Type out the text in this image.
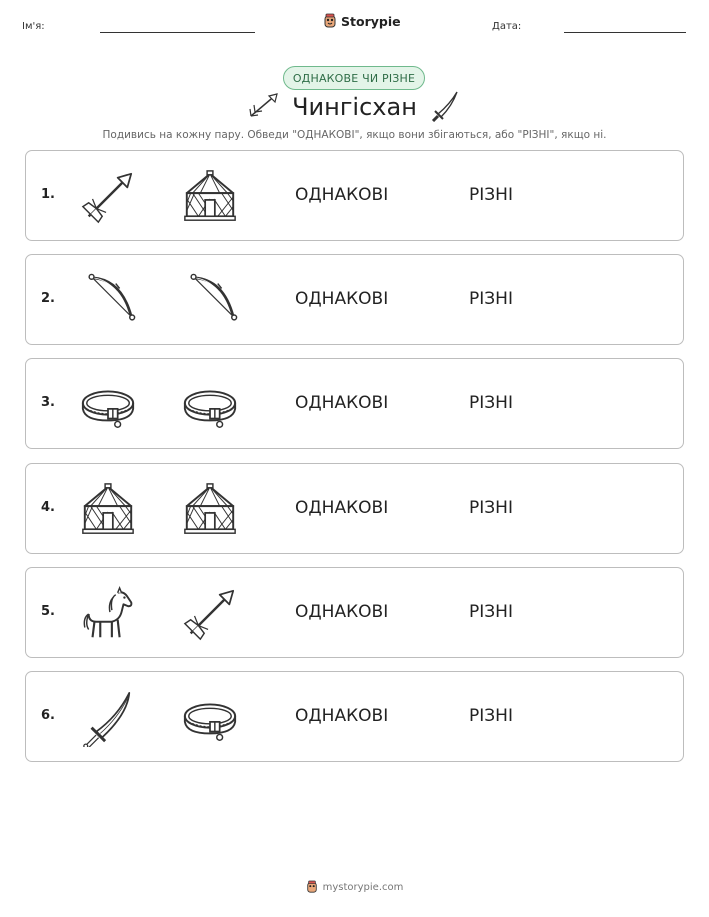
Ім'я:	Storypie	Дата:
ОДНАКОВЕ ЧИ РІЗНЕ
Чингісхан
Подивись на кожну пару. Обведи "ОДНАКОВІ", якщо вони збігаються, або "РІЗНІ", якщо ні.
1.	ОДНАКОВІ	РІЗНІ
2.	ОДНАКОВІ	РІЗНІ
3.	ОДНАКОВІ	РІЗНІ
4.	ОДНАКОВІ	РІЗНІ
5.	ОДНАКОВІ	РІЗНІ
6.	ОДНАКОВІ	РІЗНІ
mystorypie.com
